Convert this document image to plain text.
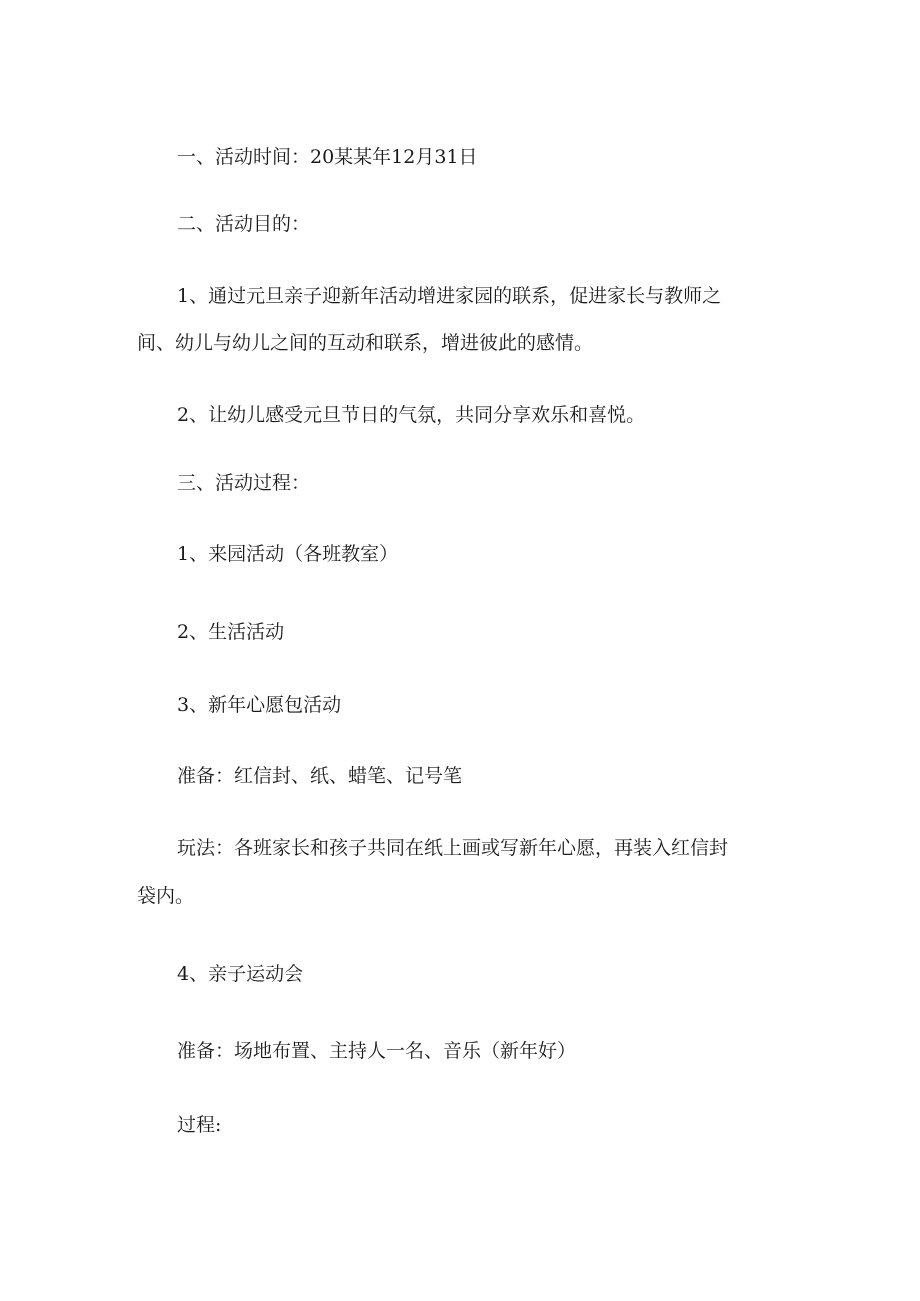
一、活动时间：20某某年12月31日

二、活动目的：

1、通过元旦亲子迎新年活动增进家园的联系，促进家长与教师之

间、幼儿与幼儿之间的互动和联系，增进彼此的感情。

2、让幼儿感受元旦节日的气氛，共同分享欢乐和喜悦。

三、活动过程：

1、来园活动（各班教室）

2、生活活动

3、新年心愿包活动

准备：红信封、纸、蜡笔、记号笔

玩法：各班家长和孩子共同在纸上画或写新年心愿，再装入红信封

袋内。

4、亲子运动会

准备：场地布置、主持人一名、音乐（新年好）

过程:
